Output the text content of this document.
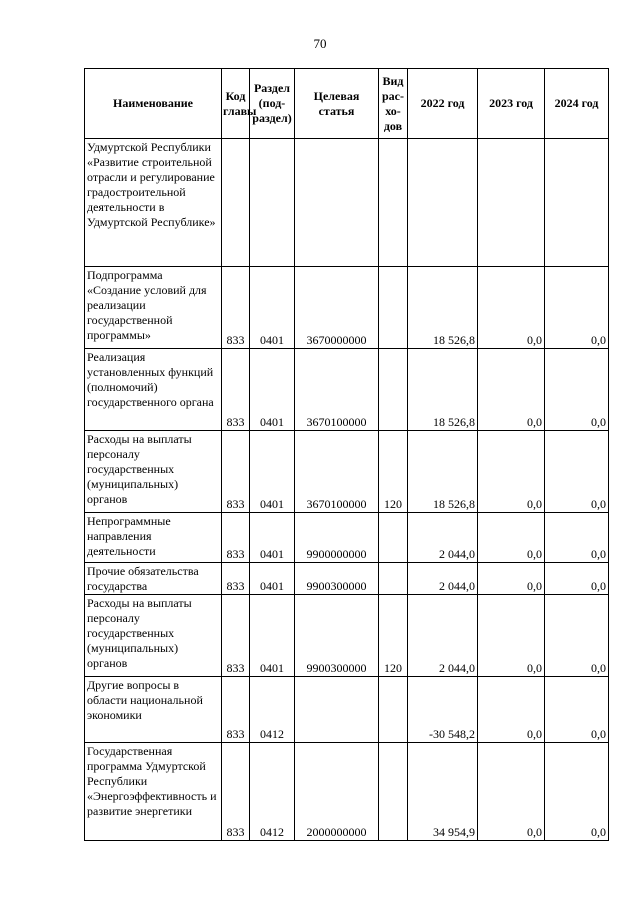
70
Наименование	Код главы	Раздел (под-раздел)	Целевая статья	Вид рас-хо-дов	2022 год	2023 год	2024 год
Удмуртской Республики «Развитие строительной отрасли и регулирование градостроительной деятельности в Удмуртской Республике»							
Подпрограмма «Создание условий для реализации государственной программы»	833	0401	3670000000		18 526,8	0,0	0,0
Реализация установленных функций (полномочий) государственного органа	833	0401	3670100000		18 526,8	0,0	0,0
Расходы на выплаты персоналу государственных (муниципальных) органов	833	0401	3670100000	120	18 526,8	0,0	0,0
Непрограммные направления деятельности	833	0401	9900000000		2 044,0	0,0	0,0
Прочие обязательства государства	833	0401	9900300000		2 044,0	0,0	0,0
Расходы на выплаты персоналу государственных (муниципальных) органов	833	0401	9900300000	120	2 044,0	0,0	0,0
Другие вопросы в области национальной экономики	833	0412			-30 548,2	0,0	0,0
Государственная программа Удмуртской Республики «Энергоэффективность и развитие энергетики	833	0412	2000000000		34 954,9	0,0	0,0
